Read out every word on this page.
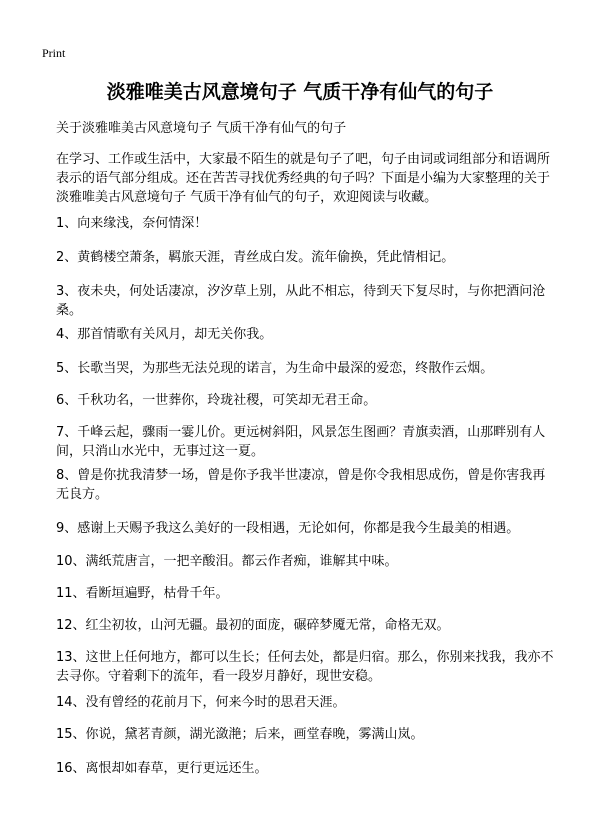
Print
淡雅唯美古风意境句子 气质干净有仙气的句子
关于淡雅唯美古风意境句子 气质干净有仙气的句子
在学习、工作或生活中，大家最不陌生的就是句子了吧，句子由词或词组部分和语调所表示的语气部分组成。还在苦苦寻找优秀经典的句子吗？下面是小编为大家整理的关于淡雅唯美古风意境句子 气质干净有仙气的句子，欢迎阅读与收藏。
1、向来缘浅，奈何情深！
2、黄鹤楼空萧条，羁旅天涯，青丝成白发。流年偷换，凭此情相记。
3、夜未央，何处话凄凉，汐汐草上别，从此不相忘，待到天下复尽时，与你把酒问沧桑。
4、那首情歌有关风月，却无关你我。
5、长歌当哭，为那些无法兑现的诺言，为生命中最深的爱恋，终散作云烟。
6、千秋功名，一世葬你，玲珑社稷，可笑却无君王命。
7、千峰云起，骤雨一霎儿价。更远树斜阳，风景怎生图画？青旗卖酒，山那畔别有人间，只消山水光中，无事过这一夏。
8、曾是你扰我清梦一场，曾是你予我半世凄凉，曾是你令我相思成伤，曾是你害我再无良方。
9、感谢上天赐予我这么美好的一段相遇，无论如何，你都是我今生最美的相遇。
10、满纸荒唐言，一把辛酸泪。都云作者痴，谁解其中味。
11、看断垣遍野，枯骨千年。
12、红尘初妆，山河无疆。最初的面庞，碾碎梦魇无常，命格无双。
13、这世上任何地方，都可以生长；任何去处，都是归宿。那么，你别来找我，我亦不去寻你。守着剩下的流年，看一段岁月静好，现世安稳。
14、没有曾经的花前月下，何来今时的思君天涯。
15、你说，黛茗青颜，湖光潋滟；后来，画堂春晚，雾满山岚。
16、离恨却如春草，更行更远还生。
